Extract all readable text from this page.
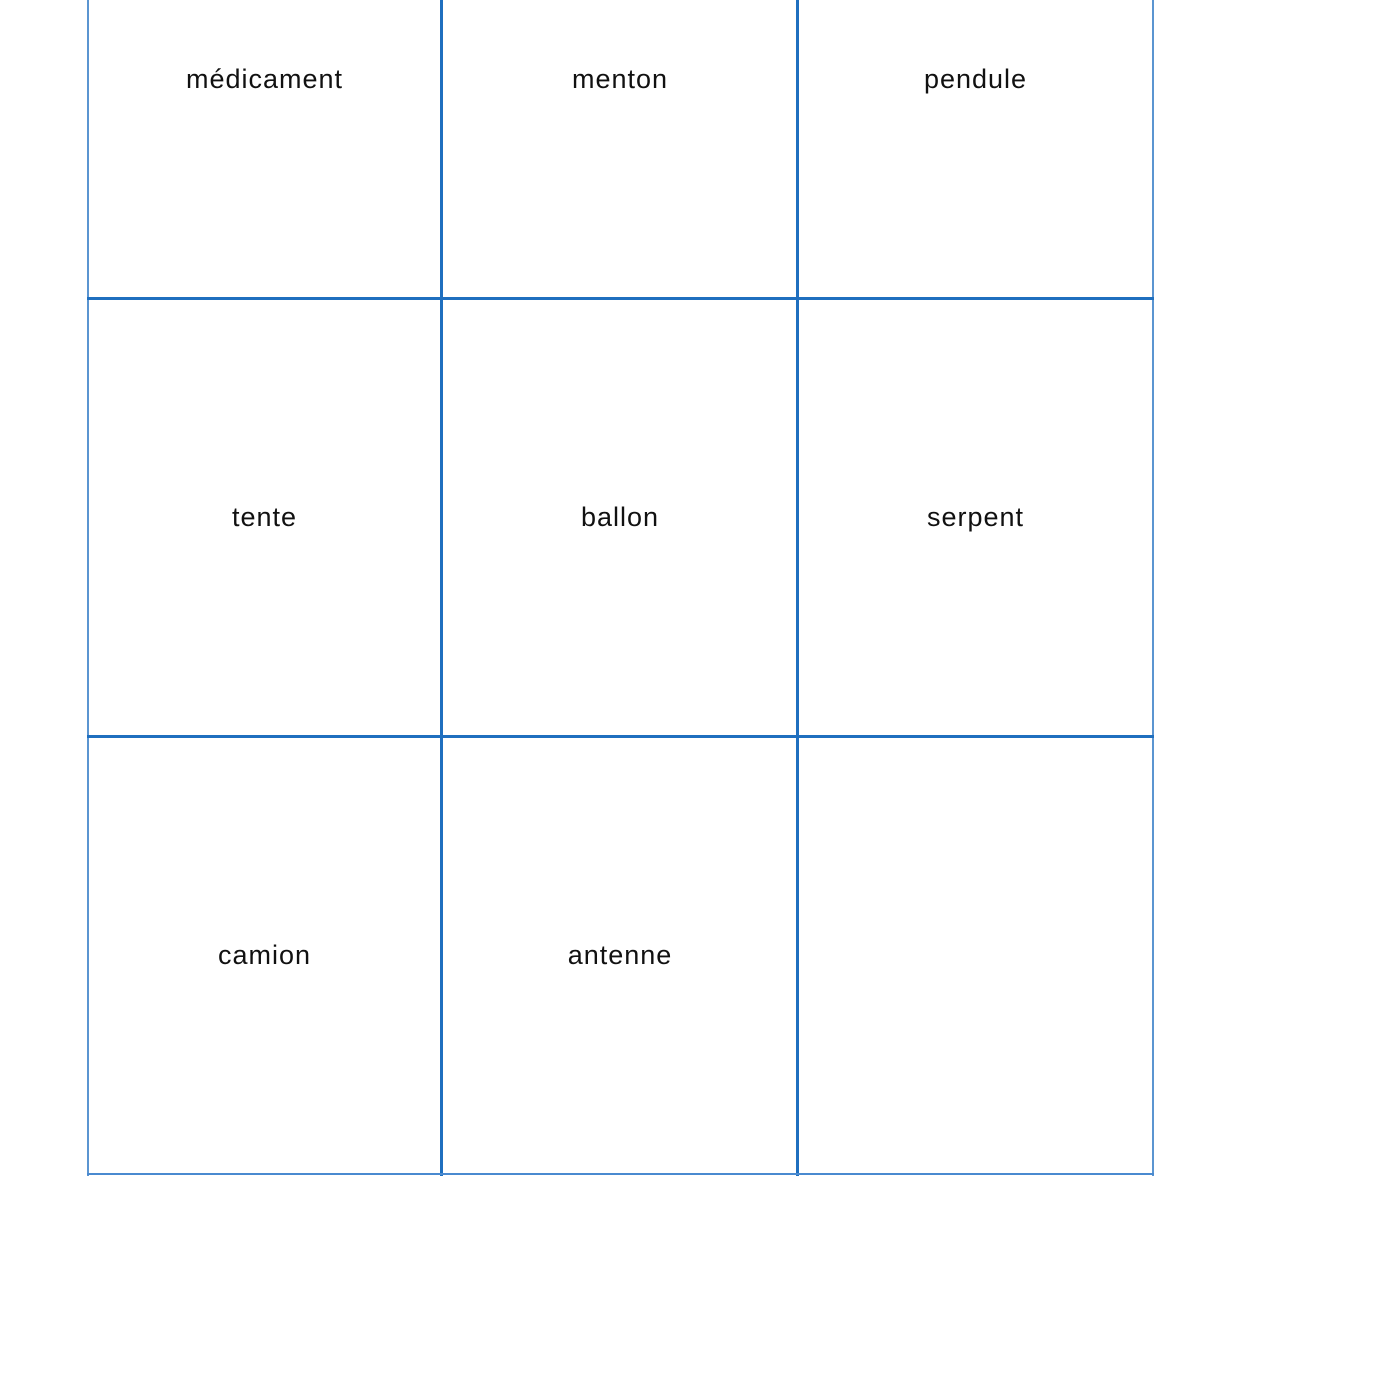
médicament	menton	pendule
tente	ballon	serpent
camion	antenne
